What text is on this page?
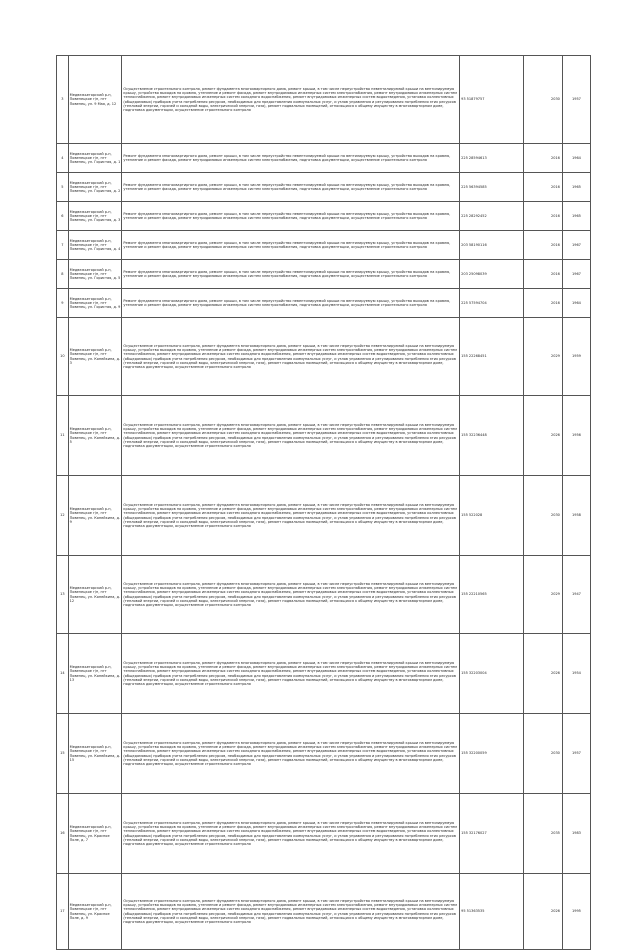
3	Медвежьегорский р-н, Повенецкое г/п, пгт Повенец, ул. 9 Мая, д. 12	Осуществление строительного контроля, ремонт фундамента многоквартирного дома, ремонт крыши, в том числе переустройство невентилируемой крыши на вентилируемую крышу, устройство выходов на кровлю, утепление и ремонт фасада, ремонт внутридомовых инженерных систем электроснабжения, ремонт внутридомовых инженерных систем теплоснабжения, ремонт внутридомовых инженерных систем холодного водоснабжения, ремонт внутридомовых инженерных систем водоотведения, установка коллективных (общедомовых) приборов учета потребления ресурсов, необходимых для предоставления коммунальных услуг, и узлов управления и регулирования потребления этих ресурсов (тепловой энергии, горячей и холодной воды, электрической энергии, газа), ремонт подвальных помещений, относящихся к общему имуществу в многоквартирном доме, подготовка документации, осуществление строительного контроля	93 51879757	2030	1957
4	Медвежьегорский р-н, Повенецкое г/п, пгт Повенец, ул. Гористая, д. 1	Ремонт фундамента многоквартирного дома, ремонт крыши, в том числе переустройство невентилируемой крыши на вентилируемую крышу, устройство выходов на кровлю, утепление и ремонт фасада, ремонт внутридомовых инженерных систем электроснабжения, подготовка документации, осуществление строительного контроля	225 28594613	2016	1964
5	Медвежьегорский р-н, Повенецкое г/п, пгт Повенец, ул. Гористая, д. 2	Ремонт фундамента многоквартирного дома, ремонт крыши, в том числе переустройство невентилируемой крыши на вентилируемую крышу, устройство выходов на кровлю, утепление и ремонт фасада, ремонт внутридомовых инженерных систем электроснабжения, подготовка документации, осуществление строительного контроля	225 56394585	2016	1965
6	Медвежьегорский р-н, Повенецкое г/п, пгт Повенец, ул. Гористая, д. 3	Ремонт фундамента многоквартирного дома, ремонт крыши, в том числе переустройство невентилируемой крыши на вентилируемую крышу, устройство выходов на кровлю, утепление и ремонт фасада, ремонт внутридомовых инженерных систем электроснабжения, подготовка документации, осуществление строительного контроля	225 28292452	2016	1965
7	Медвежьегорский р-н, Повенецкое г/п, пгт Повенец, ул. Гористая, д. 4	Ремонт фундамента многоквартирного дома, ремонт крыши, в том числе переустройство невентилируемой крыши на вентилируемую крышу, устройство выходов на кровлю, утепление и ремонт фасада, ремонт внутридомовых инженерных систем электроснабжения, подготовка документации, осуществление строительного контроля	203 58190116	2016	1967
8	Медвежьегорский р-н, Повенецкое г/п, пгт Повенец, ул. Гористая, д. 5	Ремонт фундамента многоквартирного дома, ремонт крыши, в том числе переустройство невентилируемой крыши на вентилируемую крышу, устройство выходов на кровлю, утепление и ремонт фасада, ремонт внутридомовых инженерных систем электроснабжения, подготовка документации, осуществление строительного контроля	203 25098039	2016	1967
9	Медвежьегорский р-н, Повенецкое г/п, пгт Повенец, ул. Гористая, д. 9	Ремонт фундамента многоквартирного дома, ремонт крыши, в том числе переустройство невентилируемой крыши на вентилируемую крышу, устройство выходов на кровлю, утепление и ремонт фасада, ремонт внутридомовых инженерных систем электроснабжения, подготовка документации, осуществление строительного контроля	225 57594704	2016	1964
10	Медвежьегорский р-н, Повенецкое г/п, пгт Повенец, ул. Копейкина, д. 3	Осуществление строительного контроля, ремонт фундамента многоквартирного дома, ремонт крыши, в том числе переустройство невентилируемой крыши на вентилируемую крышу, устройство выходов на кровлю, утепление и ремонт фасада, ремонт внутридомовых инженерных систем электроснабжения, ремонт внутридомовых инженерных систем теплоснабжения, ремонт внутридомовых инженерных систем холодного водоснабжения, ремонт внутридомовых инженерных систем водоотведения, установка коллективных (общедомовых) приборов учета потребления ресурсов, необходимых для предоставления коммунальных услуг, и узлов управления и регулирования потребления этих ресурсов (тепловой энергии, горячей и холодной воды, электрической энергии, газа), ремонт подвальных помещений, относящихся к общему имуществу в многоквартирном доме, подготовка документации, осуществление строительного контроля	155 22268451	2029	1959
11	Медвежьегорский р-н, Повенецкое г/п, пгт Повенец, ул. Копейкина, д. 5	Осуществление строительного контроля, ремонт фундамента многоквартирного дома, ремонт крыши, в том числе переустройство невентилируемой крыши на вентилируемую крышу, устройство выходов на кровлю, утепление и ремонт фасада, ремонт внутридомовых инженерных систем электроснабжения, ремонт внутридомовых инженерных систем теплоснабжения, ремонт внутридомовых инженерных систем холодного водоснабжения, ремонт внутридомовых инженерных систем водоотведения, установка коллективных (общедомовых) приборов учета потребления ресурсов, необходимых для предоставления коммунальных услуг, и узлов управления и регулирования потребления этих ресурсов (тепловой энергии, горячей и холодной воды, электрической энергии, газа), ремонт подвальных помещений, относящихся к общему имуществу в многоквартирном доме, подготовка документации, осуществление строительного контроля	155 32236448	2026	1956
12	Медвежьегорский р-н, Повенецкое г/п, пгт Повенец, ул. Копейкина, д. 9	Осуществление строительного контроля, ремонт фундамента многоквартирного дома, ремонт крыши, в том числе переустройство невентилируемой крыши на вентилируемую крышу, устройство выходов на кровлю, утепление и ремонт фасада, ремонт внутридомовых инженерных систем электроснабжения, ремонт внутридомовых инженерных систем теплоснабжения, ремонт внутридомовых инженерных систем холодного водоснабжения, ремонт внутридомовых инженерных систем водоотведения, установка коллективных (общедомовых) приборов учета потребления ресурсов, необходимых для предоставления коммунальных услуг, и узлов управления и регулирования потребления этих ресурсов (тепловой энергии, горячей и холодной воды, электрической энергии, газа), ремонт подвальных помещений, относящихся к общему имуществу в многоквартирном доме, подготовка документации, осуществление строительного контроля	155 522028	2030	1958
13	Медвежьегорский р-н, Повенецкое г/п, пгт Повенец, ул. Копейкина, д. 12	Осуществление строительного контроля, ремонт фундамента многоквартирного дома, ремонт крыши, в том числе переустройство невентилируемой крыши на вентилируемую крышу, устройство выходов на кровлю, утепление и ремонт фасада, ремонт внутридомовых инженерных систем электроснабжения, ремонт внутридомовых инженерных систем теплоснабжения, ремонт внутридомовых инженерных систем холодного водоснабжения, ремонт внутридомовых инженерных систем водоотведения, установка коллективных (общедомовых) приборов учета потребления ресурсов, необходимых для предоставления коммунальных услуг, и узлов управления и регулирования потребления этих ресурсов (тепловой энергии, горячей и холодной воды, электрической энергии, газа), ремонт подвальных помещений, относящихся к общему имуществу в многоквартирном доме, подготовка документации, осуществление строительного контроля	155 22210565	2029	1947
14	Медвежьегорский р-н, Повенецкое г/п, пгт Повенец, ул. Копейкина, д. 13	Осуществление строительного контроля, ремонт фундамента многоквартирного дома, ремонт крыши, в том числе переустройство невентилируемой крыши на вентилируемую крышу, устройство выходов на кровлю, утепление и ремонт фасада, ремонт внутридомовых инженерных систем электроснабжения, ремонт внутридомовых инженерных систем теплоснабжения, ремонт внутридомовых инженерных систем холодного водоснабжения, ремонт внутридомовых инженерных систем водоотведения, установка коллективных (общедомовых) приборов учета потребления ресурсов, необходимых для предоставления коммунальных услуг, и узлов управления и регулирования потребления этих ресурсов (тепловой энергии, горячей и холодной воды, электрической энергии, газа), ремонт подвальных помещений, относящихся к общему имуществу в многоквартирном доме, подготовка документации, осуществление строительного контроля	155 32203004	2026	1954
15	Медвежьегорский р-н, Повенецкое г/п, пгт Повенец, ул. Копейкина, д. 15	Осуществление строительного контроля, ремонт фундамента многоквартирного дома, ремонт крыши, в том числе переустройство невентилируемой крыши на вентилируемую крышу, устройство выходов на кровлю, утепление и ремонт фасада, ремонт внутридомовых инженерных систем электроснабжения, ремонт внутридомовых инженерных систем теплоснабжения, ремонт внутридомовых инженерных систем холодного водоснабжения, ремонт внутридомовых инженерных систем водоотведения, установка коллективных (общедомовых) приборов учета потребления ресурсов, необходимых для предоставления коммунальных услуг, и узлов управления и регулирования потребления этих ресурсов (тепловой энергии, горячей и холодной воды, электрической энергии, газа), ремонт подвальных помещений, относящихся к общему имуществу в многоквартирном доме, подготовка документации, осуществление строительного контроля	155 32200059	2030	1957
16	Медвежьегорский р-н, Повенецкое г/п, пгт Повенец, ул. Красное Поле, д. 7	Осуществление строительного контроля, ремонт фундамента многоквартирного дома, ремонт крыши, в том числе переустройство невентилируемой крыши на вентилируемую крышу, устройство выходов на кровлю, утепление и ремонт фасада, ремонт внутридомовых инженерных систем электроснабжения, ремонт внутридомовых инженерных систем теплоснабжения, ремонт внутридомовых инженерных систем холодного водоснабжения, ремонт внутридомовых инженерных систем водоотведения, установка коллективных (общедомовых) приборов учета потребления ресурсов, необходимых для предоставления коммунальных услуг, и узлов управления и регулирования потребления этих ресурсов (тепловой энергии, горячей и холодной воды, электрической энергии, газа), ремонт подвальных помещений, относящихся к общему имуществу в многоквартирном доме, подготовка документации, осуществление строительного контроля	155 32176027	2035	1983
17	Медвежьегорский р-н, Повенецкое г/п, пгт Повенец, ул. Красное Поле, д. 9	Осуществление строительного контроля, ремонт фундамента многоквартирного дома, ремонт крыши, в том числе переустройство невентилируемой крыши на вентилируемую крышу, устройство выходов на кровлю, утепление и ремонт фасада, ремонт внутридомовых инженерных систем электроснабжения, ремонт внутридомовых инженерных систем теплоснабжения, ремонт внутридомовых инженерных систем холодного водоснабжения, ремонт внутридомовых инженерных систем водоотведения, установка коллективных (общедомовых) приборов учета потребления ресурсов, необходимых для предоставления коммунальных услуг, и узлов управления и регулирования потребления этих ресурсов (тепловой энергии, горячей и холодной воды, электрической энергии, газа), ремонт подвальных помещений, относящихся к общему имуществу в многоквартирном доме, подготовка документации, осуществление строительного контроля	95 51363535	2026	1995
